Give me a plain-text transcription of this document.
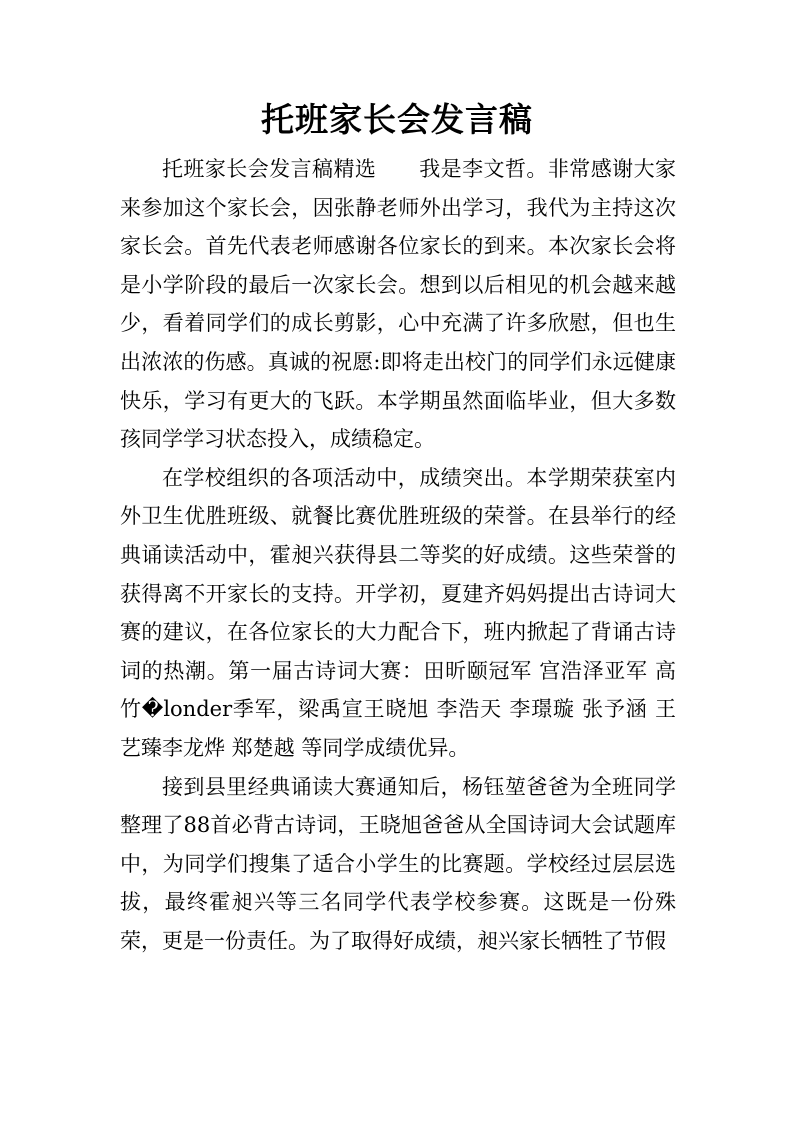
托班家长会发言稿

托班家长会发言稿精选　　我是李文哲。非常感谢大家来参加这个家长会，因张静老师外出学习，我代为主持这次家长会。首先代表老师感谢各位家长的到来。本次家长会将是小学阶段的最后一次家长会。想到以后相见的机会越来越少，看着同学们的成长剪影，心中充满了许多欣慰，但也生出浓浓的伤感。真诚的祝愿:即将走出校门的同学们永远健康快乐，学习有更大的飞跃。本学期虽然面临毕业，但大多数孩同学学习状态投入，成绩稳定。

在学校组织的各项活动中，成绩突出。本学期荣获室内外卫生优胜班级、就餐比赛优胜班级的荣誉。在县举行的经典诵读活动中，霍昶兴获得县二等奖的好成绩。这些荣誉的获得离不开家长的支持。开学初，夏建齐妈妈提出古诗词大赛的建议，在各位家长的大力配合下，班内掀起了背诵古诗词的热潮。第一届古诗词大赛：田昕颐冠军 宫浩泽亚军 高竹�londer季军，梁禹宣王晓旭 李浩天 李璟璇 张予涵 王艺臻李龙烨 郑楚越 等同学成绩优异。

接到县里经典诵读大赛通知后，杨钰堃爸爸为全班同学整理了88首必背古诗词，王晓旭爸爸从全国诗词大会试题库中，为同学们搜集了适合小学生的比赛题。学校经过层层选拔，最终霍昶兴等三名同学代表学校参赛。这既是一份殊荣，更是一份责任。为了取得好成绩，昶兴家长牺牲了节假
